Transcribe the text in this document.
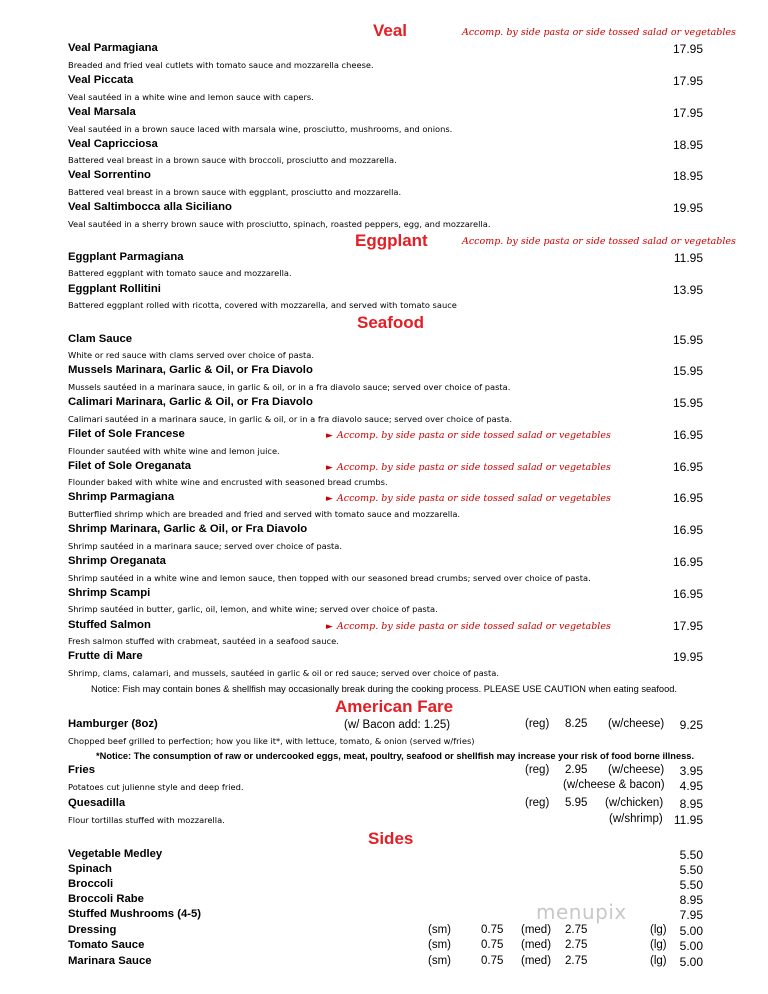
Veal	Accomp. by side pasta or side tossed salad or vegetables
Veal Parmagiana	17.95
Breaded and fried veal cutlets with tomato sauce and mozzarella cheese.
Veal Piccata	17.95
Veal sautéed in a white wine and lemon sauce with capers.
Veal Marsala	17.95
Veal sautéed in a brown sauce laced with marsala wine, prosciutto, mushrooms, and onions.
Veal Capricciosa	18.95
Battered veal breast in a brown sauce with broccoli, prosciutto and mozzarella.
Veal Sorrentino	18.95
Battered veal breast in a brown sauce with eggplant, prosciutto and mozzarella.
Veal Saltimbocca alla Siciliano	19.95
Veal sautéed in a sherry brown sauce with prosciutto, spinach, roasted peppers, egg, and mozzarella.
Eggplant	Accomp. by side pasta or side tossed salad or vegetables
Eggplant Parmagiana	11.95
Battered eggplant with tomato sauce and mozzarella.
Eggplant Rollitini	13.95
Battered eggplant rolled with ricotta, covered with mozzarella, and served with tomato sauce
Seafood
Clam Sauce	15.95
White or red sauce with clams served over choice of pasta.
Mussels Marinara, Garlic & Oil, or Fra Diavolo	15.95
Mussels sautéed in a marinara sauce, in garlic & oil, or in a fra diavolo sauce; served over choice of pasta.
Calimari Marinara, Garlic & Oil, or Fra Diavolo	15.95
Calimari sautéed in a marinara sauce, in garlic & oil, or in a fra diavolo sauce; served over choice of pasta.
Filet of Sole Francese	► Accomp. by side pasta or side tossed salad or vegetables	16.95
Flounder sautéed with white wine and lemon juice.
Filet of Sole Oreganata	► Accomp. by side pasta or side tossed salad or vegetables	16.95
Flounder baked with white wine and encrusted with seasoned bread crumbs.
Shrimp Parmagiana	► Accomp. by side pasta or side tossed salad or vegetables	16.95
Butterflied shrimp which are breaded and fried and served with tomato sauce and mozzarella.
Shrimp Marinara, Garlic & Oil, or Fra Diavolo	16.95
Shrimp sautéed in a marinara sauce; served over choice of pasta.
Shrimp Oreganata	16.95
Shrimp sautéed in a white wine and lemon sauce, then topped with our seasoned bread crumbs; served over choice of pasta.
Shrimp Scampi	16.95
Shrimp sautéed in butter, garlic, oil, lemon, and white wine; served over choice of pasta.
Stuffed Salmon	► Accomp. by side pasta or side tossed salad or vegetables	17.95
Fresh salmon stuffed with crabmeat, sautéed in a seafood sauce.
Frutte di Mare	19.95
Shrimp, clams, calamari, and mussels, sautéed in garlic & oil or red sauce; served over choice of pasta.
Notice: Fish may contain bones & shellfish may occasionally break during the cooking process. PLEASE USE CAUTION when eating seafood.
American Fare
Hamburger (8oz)	(w/ Bacon add: 1.25)	(reg) 8.25 (w/cheese)	9.25
Chopped beef grilled to perfection; how you like it*, with lettuce, tomato, & onion (served w/fries)
*Notice: The consumption of raw or undercooked eggs, meat, poultry, seafood or shellfish may increase your risk of food borne illness.
Fries	(reg) 2.95 (w/cheese)	3.95
Potatoes cut julienne style and deep fried.	(w/cheese & bacon)	4.95
Quesadilla	(reg) 5.95 (w/chicken)	8.95
Flour tortillas stuffed with mozzarella.	(w/shrimp) 11.95
Sides
Vegetable Medley	5.50
Spinach	5.50
Broccoli	5.50
Broccoli Rabe	8.95
Stuffed Mushrooms (4-5)	7.95
Dressing	(sm)	0.75 (med) 2.75	(lg)	5.00
Tomato Sauce	(sm)	0.75 (med) 2.75	(lg)	5.00
Marinara Sauce	(sm)	0.75 (med) 2.75	(lg)	5.00
menupix
